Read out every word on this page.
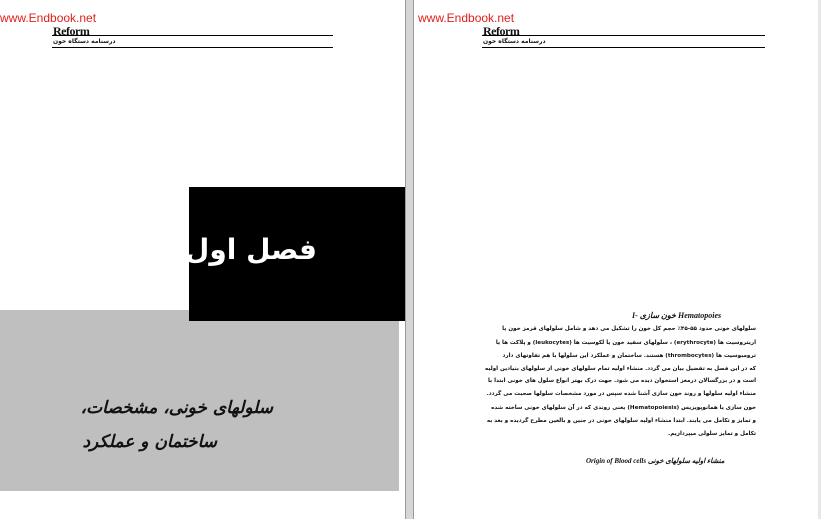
www.Endbook.net
Reform
درسنامه دستگاه خون
فصل اول
سلولهای خونی، مشخصات،
ساختمان و عملکرد
www.Endbook.net
Reform
درسنامه دستگاه خون
I- خون سازی Hematopoies
سلولهای خونی حدود ۵۵-۴۵٪ حجم کل خون را تشکیل می دهد و شامل سلولهای قرمز خون یا
اریتروسیت ها (erythrocyte) ، سلولهای سفید خون یا لکوسیت ها (leukocytes) و پلاکت ها یا
ترومبوسیت ها (thrombocytes) هستند. ساختمان و عملکرد این سلولها با هم تفاوتهای دارد
که در این فصل به تفضیل بیان می گردد. منشاء اولیه تمام سلولهای خونی از سلولهای بنیادین اولیه
است و در بزرگسالان درمغز استخوان دیده می شود. جهت درک بهتر انواع سلول های خونی ابتدا با
منشاء اولیه سلولها و روند خون سازی آشنا شده سپس در مورد مشخصات سلولها صحبت می گردد.
خون سازی یا همانوپویزیس (Hematopoiesis) یعنی روندی که در آن سلولهای خونی ساخته شده
و تمایز و تکامل می یابند. ابتدا منشاء اولیه سلولهای خونی در جنین و بالغین مطرح گردیده و بعد به
تکامل و تمایز سلولی میپردازیم.
Origin of Blood cells منشاء اولیه سلولهای خونی
